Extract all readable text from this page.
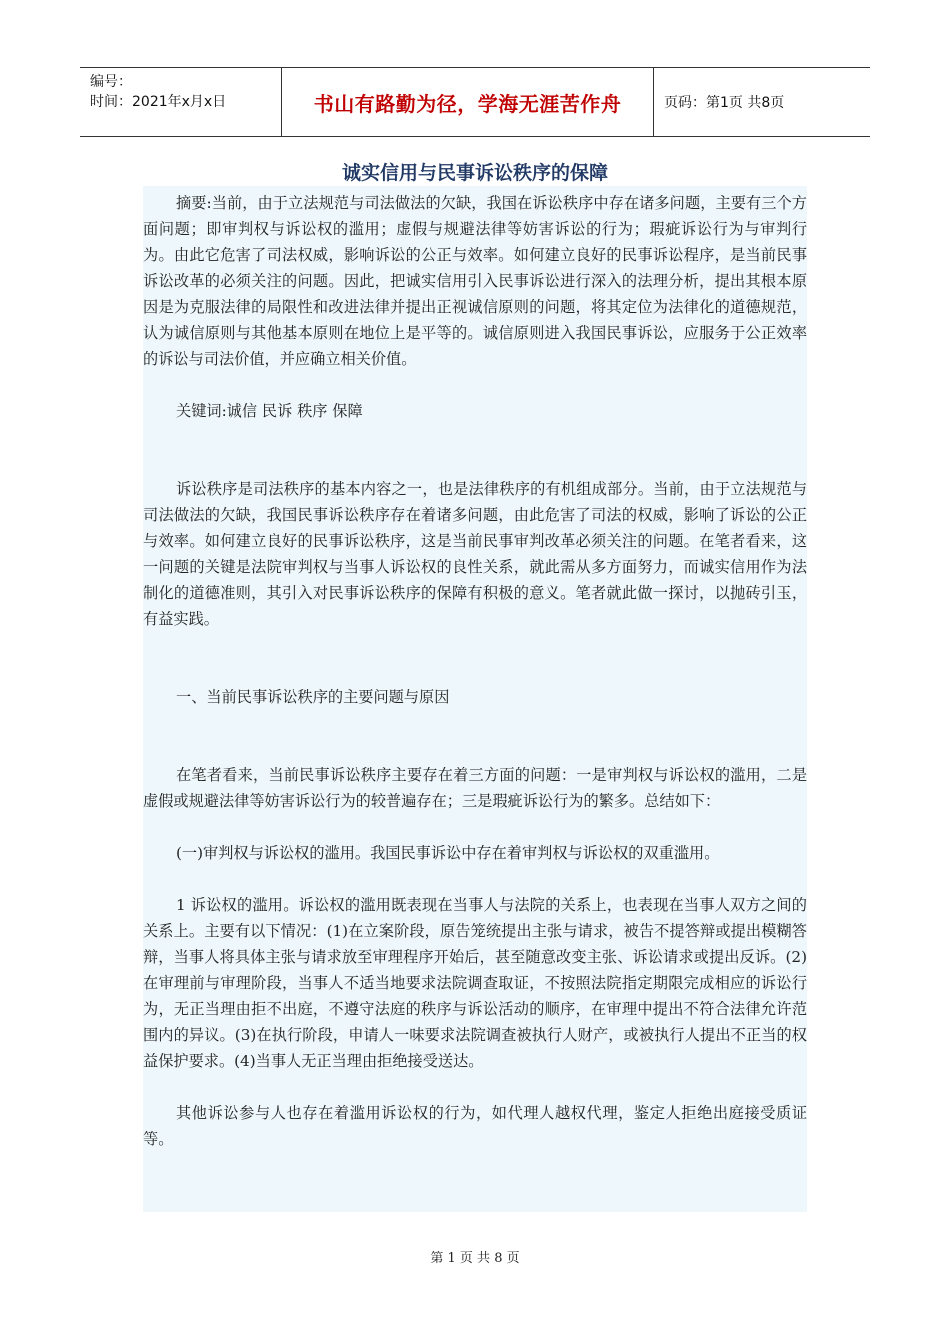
编号：
时间：2021年x月x日	书山有路勤为径，学海无涯苦作舟	页码：第1页 共8页
诚实信用与民事诉讼秩序的保障

摘要:当前，由于立法规范与司法做法的欠缺，我国在诉讼秩序中存在诸多问题，主要有三个方面问题；即审判权与诉讼权的滥用；虚假与规避法律等妨害诉讼的行为；瑕疵诉讼行为与审判行为。由此它危害了司法权威，影响诉讼的公正与效率。如何建立良好的民事诉讼程序，是当前民事诉讼改革的必须关注的问题。因此，把诚实信用引入民事诉讼进行深入的法理分析，提出其根本原因是为克服法律的局限性和改进法律并提出正视诚信原则的问题，将其定位为法律化的道德规范，认为诚信原则与其他基本原则在地位上是平等的。诚信原则进入我国民事诉讼，应服务于公正效率的诉讼与司法价值，并应确立相关价值。

关键词:诚信 民诉 秩序 保障

诉讼秩序是司法秩序的基本内容之一，也是法律秩序的有机组成部分。当前，由于立法规范与司法做法的欠缺，我国民事诉讼秩序存在着诸多问题，由此危害了司法的权威，影响了诉讼的公正与效率。如何建立良好的民事诉讼秩序，这是当前民事审判改革必须关注的问题。在笔者看来，这一问题的关键是法院审判权与当事人诉讼权的良性关系，就此需从多方面努力，而诚实信用作为法制化的道德准则，其引入对民事诉讼秩序的保障有积极的意义。笔者就此做一探讨，以抛砖引玉，有益实践。

一、当前民事诉讼秩序的主要问题与原因

在笔者看来，当前民事诉讼秩序主要存在着三方面的问题：一是审判权与诉讼权的滥用，二是虚假或规避法律等妨害诉讼行为的较普遍存在；三是瑕疵诉讼行为的繁多。总结如下：

(一)审判权与诉讼权的滥用。我国民事诉讼中存在着审判权与诉讼权的双重滥用。

1 诉讼权的滥用。诉讼权的滥用既表现在当事人与法院的关系上，也表现在当事人双方之间的关系上。主要有以下情况：(1)在立案阶段，原告笼统提出主张与请求，被告不提答辩或提出模糊答辩，当事人将具体主张与请求放至审理程序开始后，甚至随意改变主张、诉讼请求或提出反诉。(2)在审理前与审理阶段，当事人不适当地要求法院调查取证，不按照法院指定期限完成相应的诉讼行为，无正当理由拒不出庭，不遵守法庭的秩序与诉讼活动的顺序，在审理中提出不符合法律允许范围内的异议。(3)在执行阶段，申请人一味要求法院调查被执行人财产，或被执行人提出不正当的权益保护要求。(4)当事人无正当理由拒绝接受送达。

其他诉讼参与人也存在着滥用诉讼权的行为，如代理人越权代理，鉴定人拒绝出庭接受质证等。

第 1 页 共 8 页
